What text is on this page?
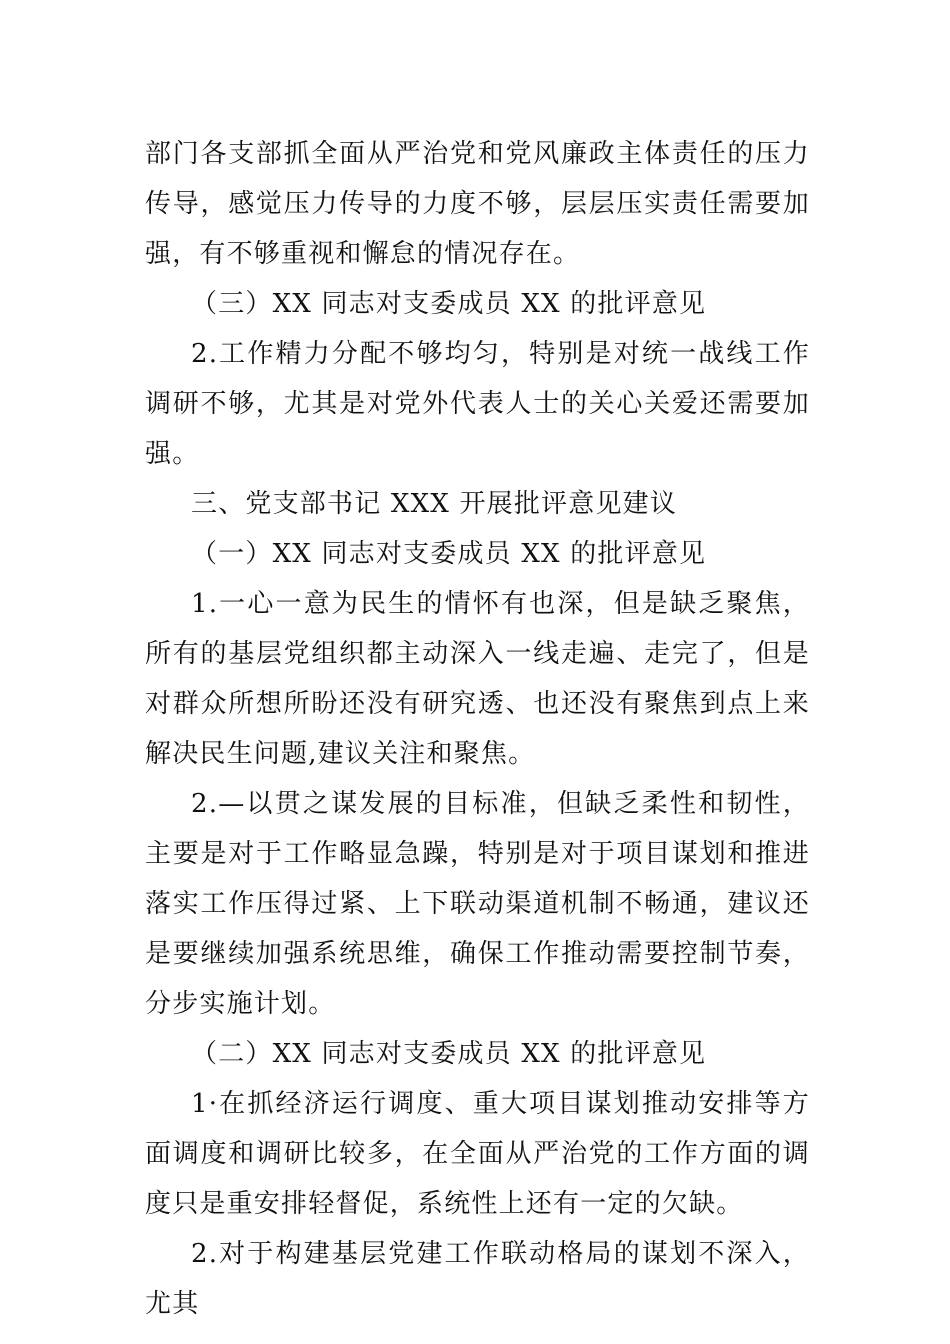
部门各支部抓全面从严治党和党风廉政主体责任的压力传导，感觉压力传导的力度不够，层层压实责任需要加强，有不够重视和懈怠的情况存在。

（三）XX 同志对支委成员 XX 的批评意见

2.工作精力分配不够均匀，特别是对统一战线工作调研不够，尤其是对党外代表人士的关心关爱还需要加强。

三、党支部书记 XXX 开展批评意见建议

（一）XX 同志对支委成员 XX 的批评意见

1.一心一意为民生的情怀有也深，但是缺乏聚焦，所有的基层党组织都主动深入一线走遍、走完了，但是对群众所想所盼还没有研究透、也还没有聚焦到点上来解决民生问题,建议关注和聚焦。

2.—以贯之谋发展的目标准，但缺乏柔性和韧性，主要是对于工作略显急躁，特别是对于项目谋划和推进落实工作压得过紧、上下联动渠道机制不畅通，建议还是要继续加强系统思维，确保工作推动需要控制节奏，分步实施计划。

（二）XX 同志对支委成员 XX 的批评意见

1·在抓经济运行调度、重大项目谋划推动安排等方面调度和调研比较多，在全面从严治党的工作方面的调度只是重安排轻督促，系统性上还有一定的欠缺。

2.对于构建基层党建工作联动格局的谋划不深入，尤其
